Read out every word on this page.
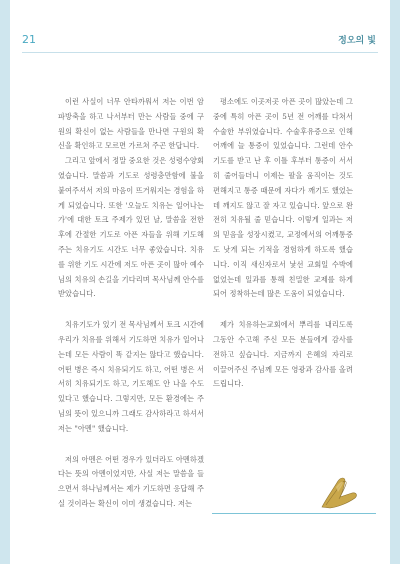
21	정오의 빛

이런 사실이 너무 안타까워서 저는 이번 암 파방축을 하고 나서부터 만는 사람들 중에 구원의 확신이 없는 사람들을 만나면 구원의 확신을 확인하고 모르면 가르쳐 주곤 한답니다.

그리고 앞에서 정말 중요한 것은 성령수양회였습니다. 말씀과 기도로 성령충만함에 불을 붙여주셔서 저의 마음이 뜨거워지는 경험을 하게 되었습니다. 또한 '오늘도 치유는 일어나는가'에 대한 토크 주제가 있던 날, 말씀을 전한 후에 간절한 기도로 아픈 자들을 위해 기도해 주는 치유기도 시간도 너무 좋았습니다. 치유를 위한 기도 시간에 저도 아픈 곳이 많아 예수님의 치유의 손길을 기다리며 목사님께 안수를 받았습니다.

치유기도가 있기 전 목사님께서 토크 시간에 우리가 치유를 위해서 기도하면 치유가 일어나는데 모든 사람이 똑 같지는 않다고 했습니다. 어떤 병은 즉시 치유되기도 하고, 어떤 병은 서서히 치유되기도 하고, 기도해도 안 나을 수도 있다고 했습니다. 그렇지만, 모든 환경에는 주님의 뜻이 있으니까 그래도 감사하라고 하셔서 저는 "아멘" 했습니다.

저의 아멘은 어떤 경우가 있더라도 아멘하겠다는 뜻의 아멘이었지만, 사실 저는 말씀을 들으면서 하나님께서는 제가 기도하면 응답해 주실 것이라는 확신이 이미 생겼습니다. 저는

평소에도 이곳저곳 아픈 곳이 많았는데 그 중에 특히 아픈 곳이 5년 전 어깨를 다쳐서 수술한 부위였습니다. 수술후유증으로 인해 어깨에 늘 통증이 있었습니다. 그런데 안수기도를 받고 난 후 이틀 후부터 통증이 서서히 줄어들더니 이제는 팔을 움직이는 것도 편해지고 통증 때문에 자다가 깨기도 했었는데 깨지도 않고 잘 자고 있습니다. 앞으로 완전히 치유될 줄 믿습니다. 이렇게 일과는 저의 믿음을 성장시켰고, 교정에서의 어깨통증도 낫게 되는 기적을 경험하게 하도록 했습니다. 이직 새신자로서 낯선 교회일 수박에 없었는데 일과를 통해 친밀한 교제를 하게 되어 정착하는데 많은 도움이 되었습니다.

제가 치유하는교회에서 뿌리를 내리도록 그동안 수고해 주신 모든 분들에게 감사를 전하고 싶습니다. 지금까지 은혜의 자리로 이끌어주신 주님께 모든 영광과 감사를 올려드립니다.
